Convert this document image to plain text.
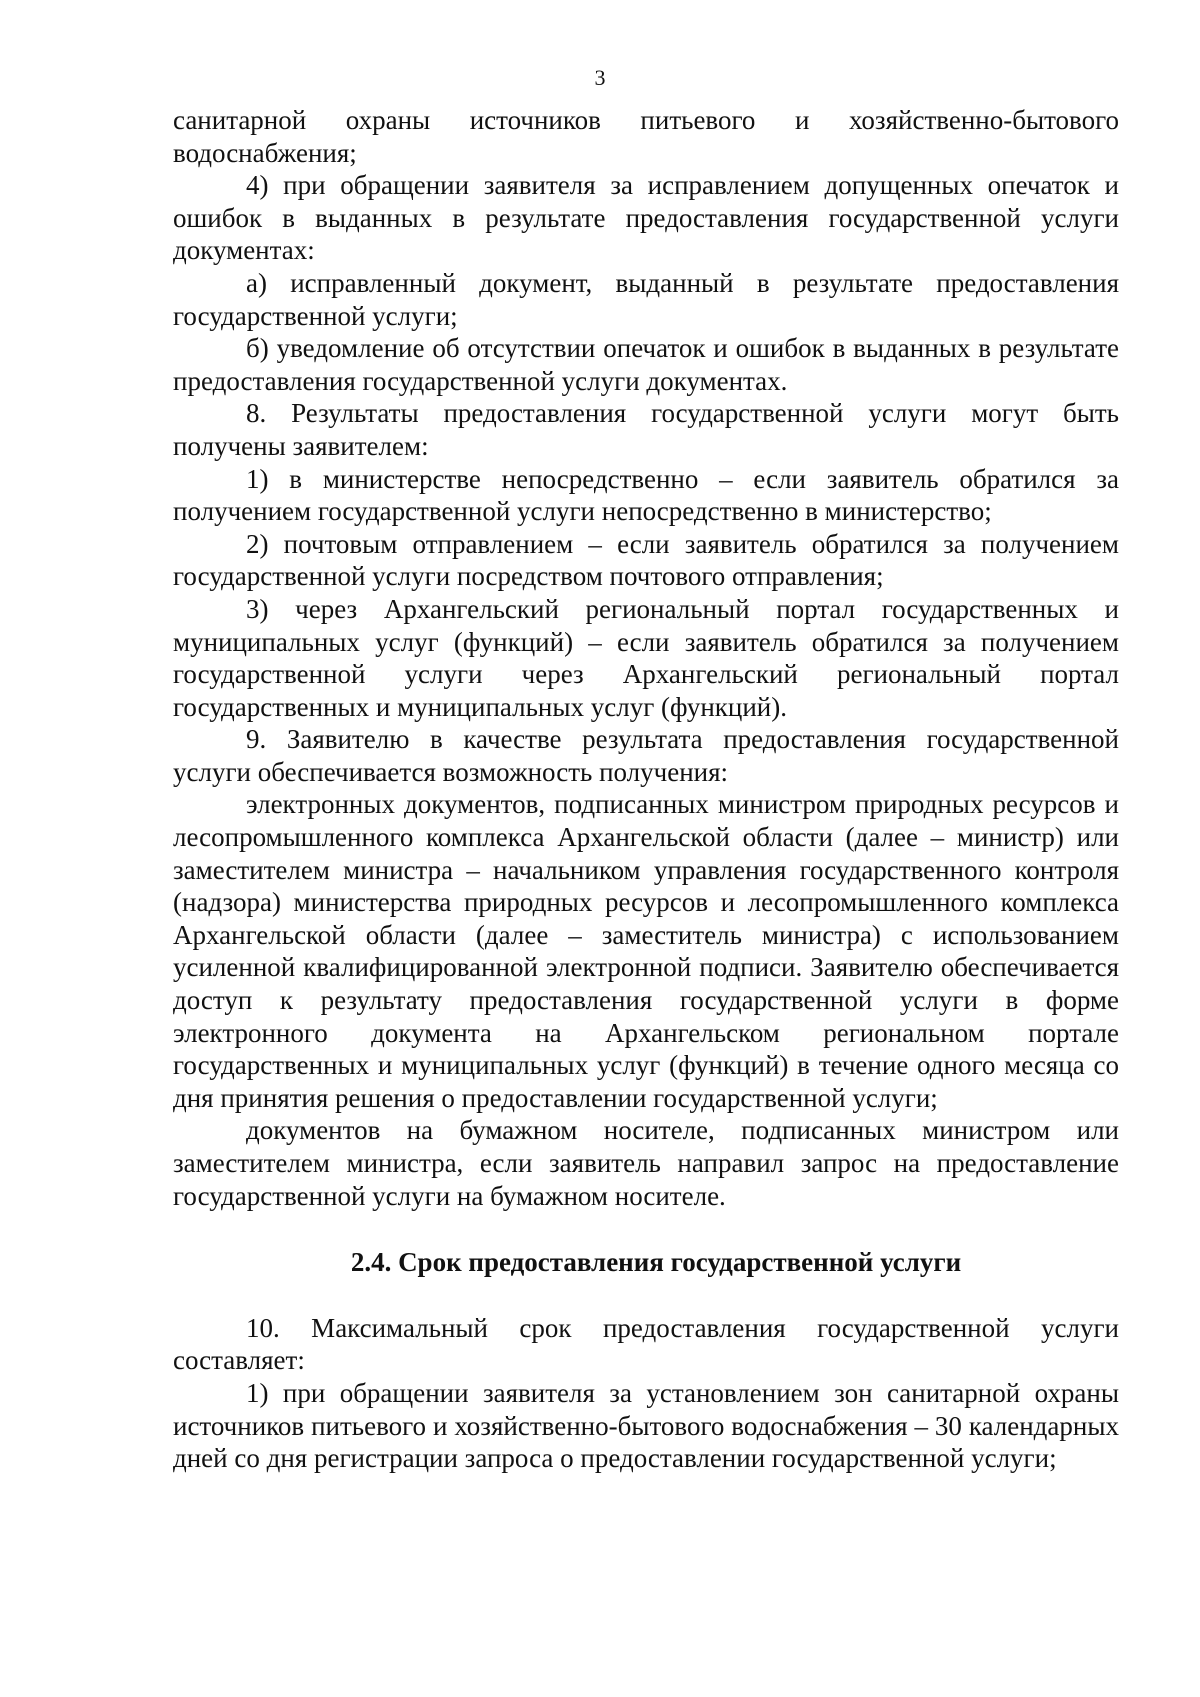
3

санитарной охраны источников питьевого и хозяйственно-бытового водоснабжения;

4) при обращении заявителя за исправлением допущенных опечаток и ошибок в выданных в результате предоставления государственной услуги документах:

а) исправленный документ, выданный в результате предоставления государственной услуги;

б) уведомление об отсутствии опечаток и ошибок в выданных в результате предоставления государственной услуги документах.

8. Результаты предоставления государственной услуги могут быть получены заявителем:

1) в министерстве непосредственно – если заявитель обратился за получением государственной услуги непосредственно в министерство;

2) почтовым отправлением – если заявитель обратился за получением государственной услуги посредством почтового отправления;

3) через Архангельский региональный портал государственных и муниципальных услуг (функций) – если заявитель обратился за получением государственной услуги через Архангельский региональный портал государственных и муниципальных услуг (функций).

9. Заявителю в качестве результата предоставления государственной услуги обеспечивается возможность получения:

электронных документов, подписанных министром природных ресурсов и лесопромышленного комплекса Архангельской области (далее – министр) или заместителем министра – начальником управления государственного контроля (надзора) министерства природных ресурсов и лесопромышленного комплекса Архангельской области (далее – заместитель министра) с использованием усиленной квалифицированной электронной подписи. Заявителю обеспечивается доступ к результату предоставления государственной услуги в форме электронного документа на Архангельском региональном портале государственных и муниципальных услуг (функций) в течение одного месяца со дня принятия решения о предоставлении государственной услуги;

документов на бумажном носителе, подписанных министром или заместителем министра, если заявитель направил запрос на предоставление государственной услуги на бумажном носителе.

2.4. Срок предоставления государственной услуги

10. Максимальный срок предоставления государственной услуги составляет:

1) при обращении заявителя за установлением зон санитарной охраны источников питьевого и хозяйственно-бытового водоснабжения – 30 календарных дней со дня регистрации запроса о предоставлении государственной услуги;
